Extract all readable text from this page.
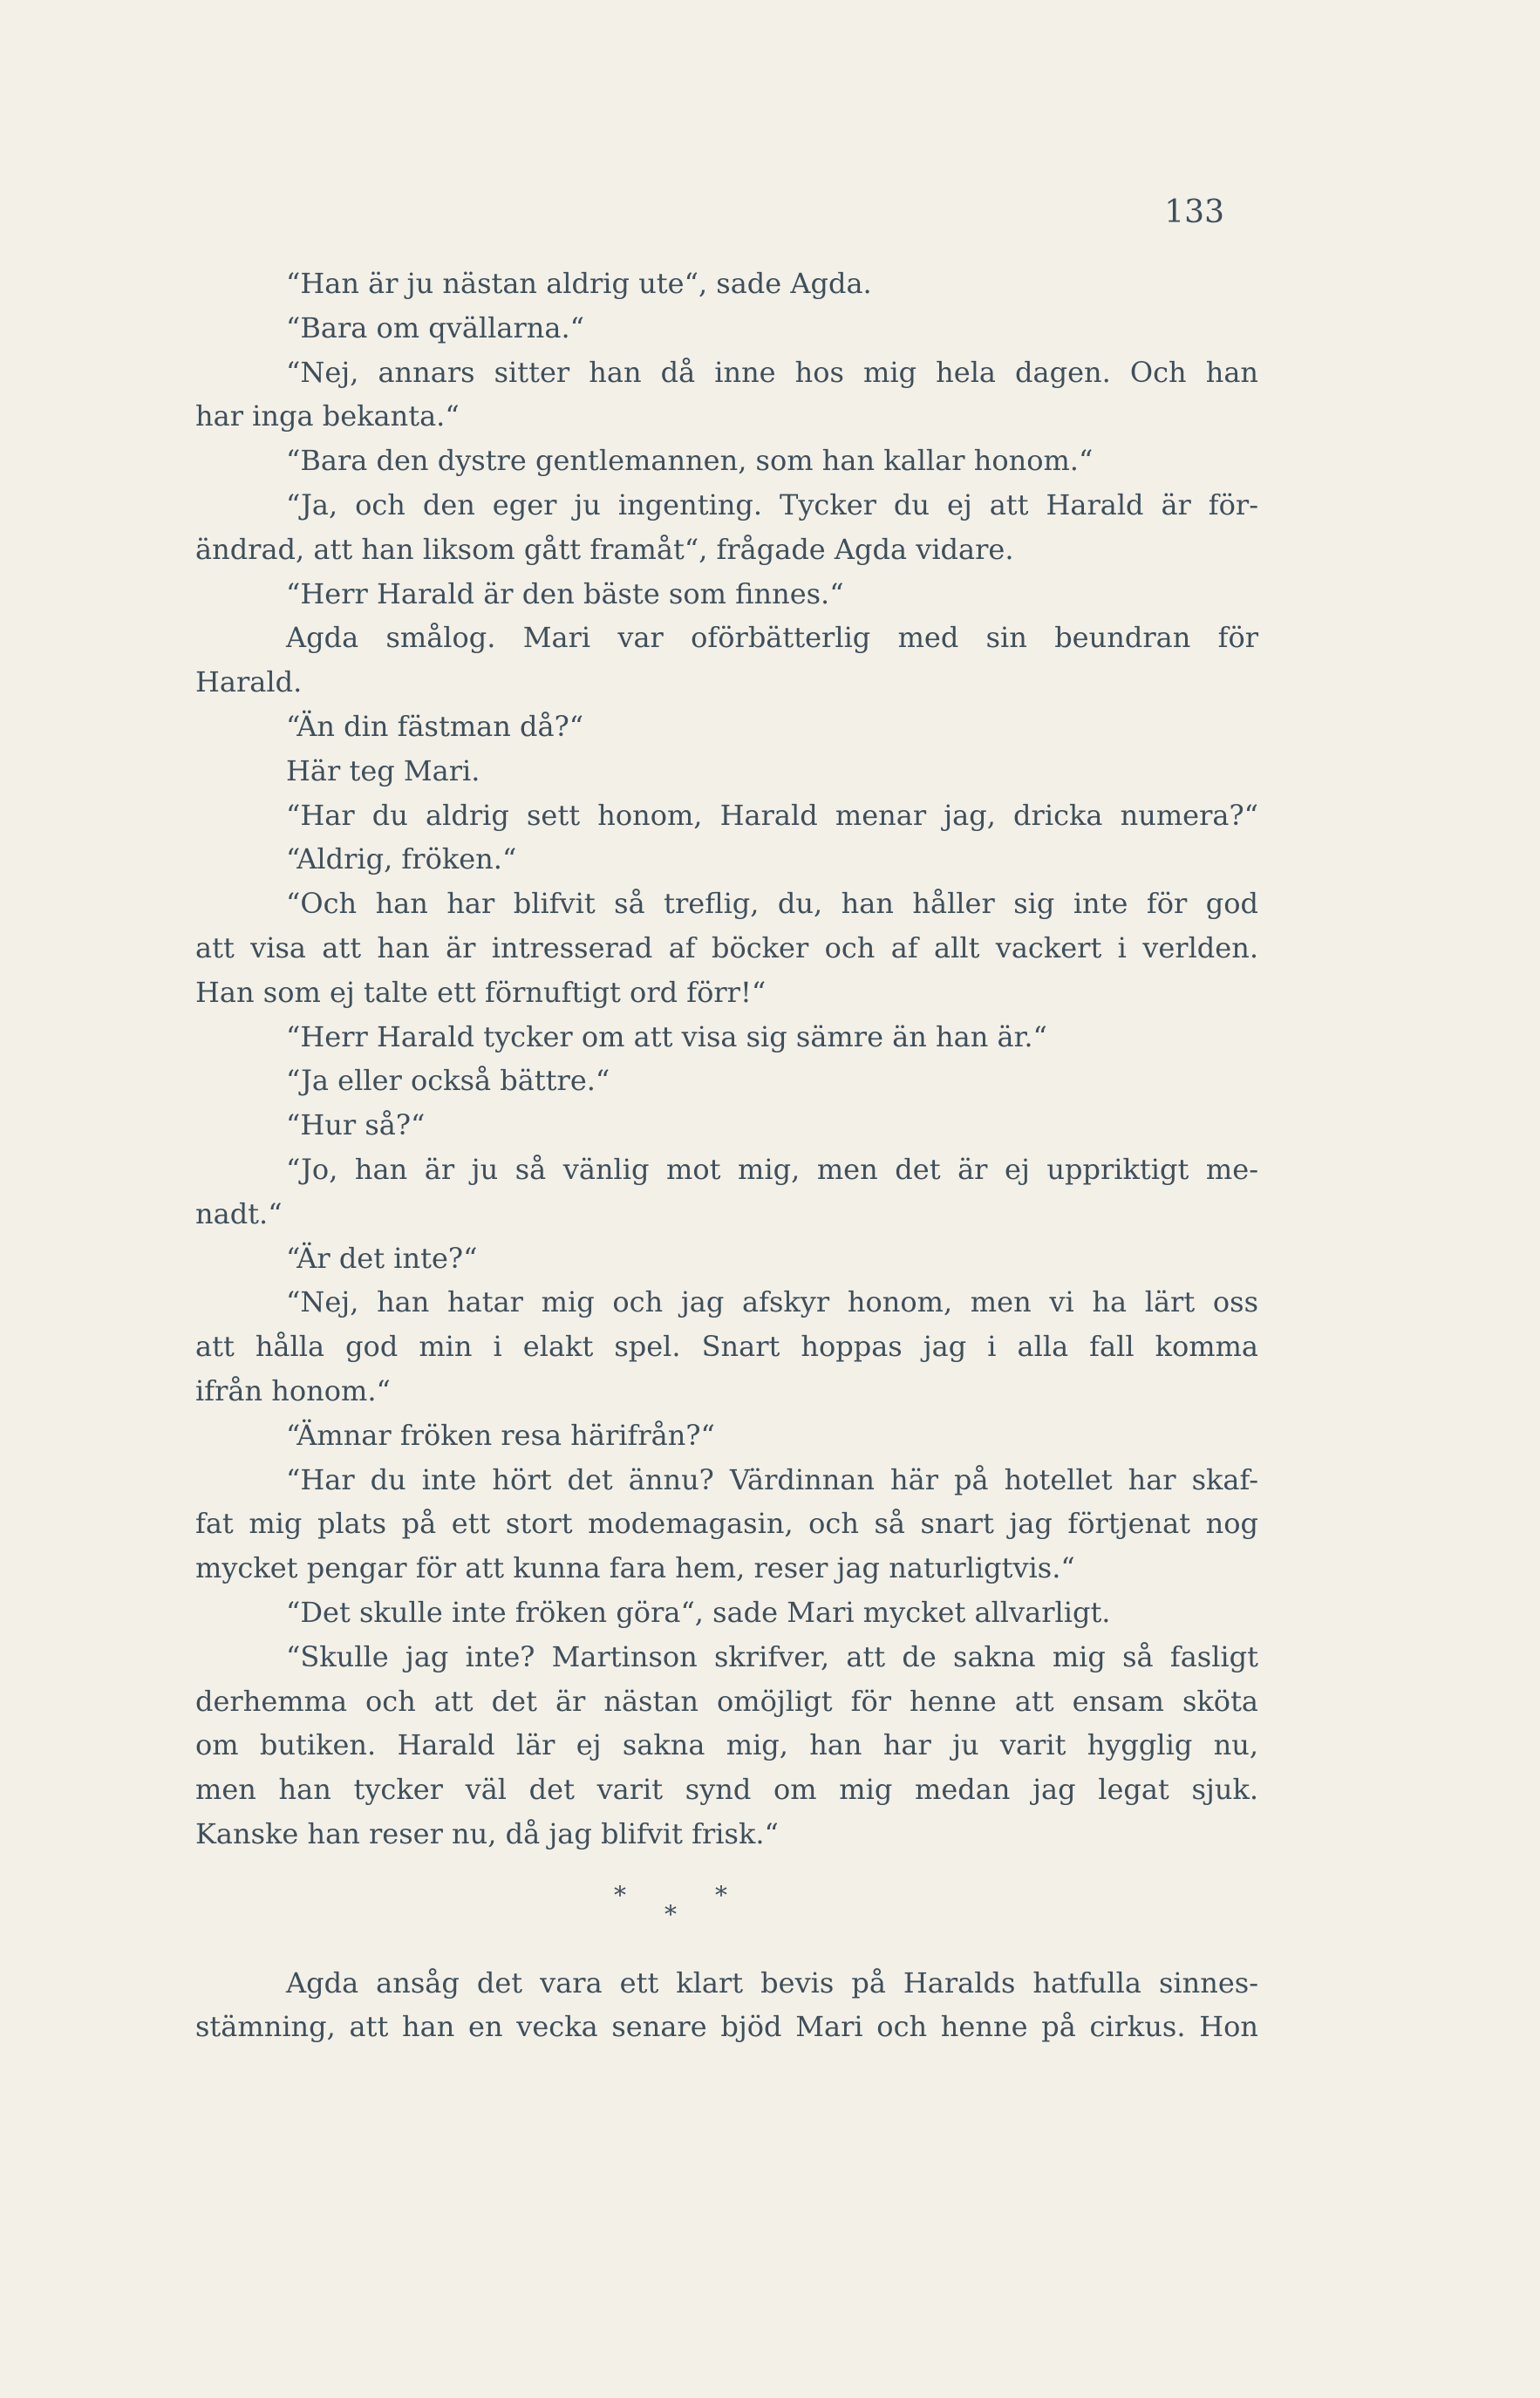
133
“Han är ju nästan aldrig ute“, sade Agda.
“Bara om qvällarna.“
“Nej, annars sitter han då inne hos mig hela dagen. Och han
har inga bekanta.“
“Bara den dystre gentlemannen, som han kallar honom.“
“Ja, och den eger ju ingenting. Tycker du ej att Harald är för-
ändrad, att han liksom gått framåt“, frågade Agda vidare.
“Herr Harald är den bäste som finnes.“
Agda smålog. Mari var oförbätterlig med sin beundran för
Harald.
“Än din fästman då?“
Här teg Mari.
“Har du aldrig sett honom, Harald menar jag, dricka numera?“
“Aldrig, fröken.“
“Och han har blifvit så treflig, du, han håller sig inte för god
att visa att han är intresserad af böcker och af allt vackert i verlden.
Han som ej talte ett förnuftigt ord förr!“
“Herr Harald tycker om att visa sig sämre än han är.“
“Ja eller också bättre.“
“Hur så?“
“Jo, han är ju så vänlig mot mig, men det är ej uppriktigt me-
nadt.“
“Är det inte?“
“Nej, han hatar mig och jag afskyr honom, men vi ha lärt oss
att hålla god min i elakt spel. Snart hoppas jag i alla fall komma
ifrån honom.“
“Ämnar fröken resa härifrån?“
“Har du inte hört det ännu? Värdinnan här på hotellet har skaf-
fat mig plats på ett stort modemagasin, och så snart jag förtjenat nog
mycket pengar för att kunna fara hem, reser jag naturligtvis.“
“Det skulle inte fröken göra“, sade Mari mycket allvarligt.
“Skulle jag inte? Martinson skrifver, att de sakna mig så fasligt
derhemma och att det är nästan omöjligt för henne att ensam sköta
om butiken. Harald lär ej sakna mig, han har ju varit hygglig nu,
men han tycker väl det varit synd om mig medan jag legat sjuk.
Kanske han reser nu, då jag blifvit frisk.“
*	*
*
Agda ansåg det vara ett klart bevis på Haralds hatfulla sinnes-
stämning, att han en vecka senare bjöd Mari och henne på cirkus. Hon
